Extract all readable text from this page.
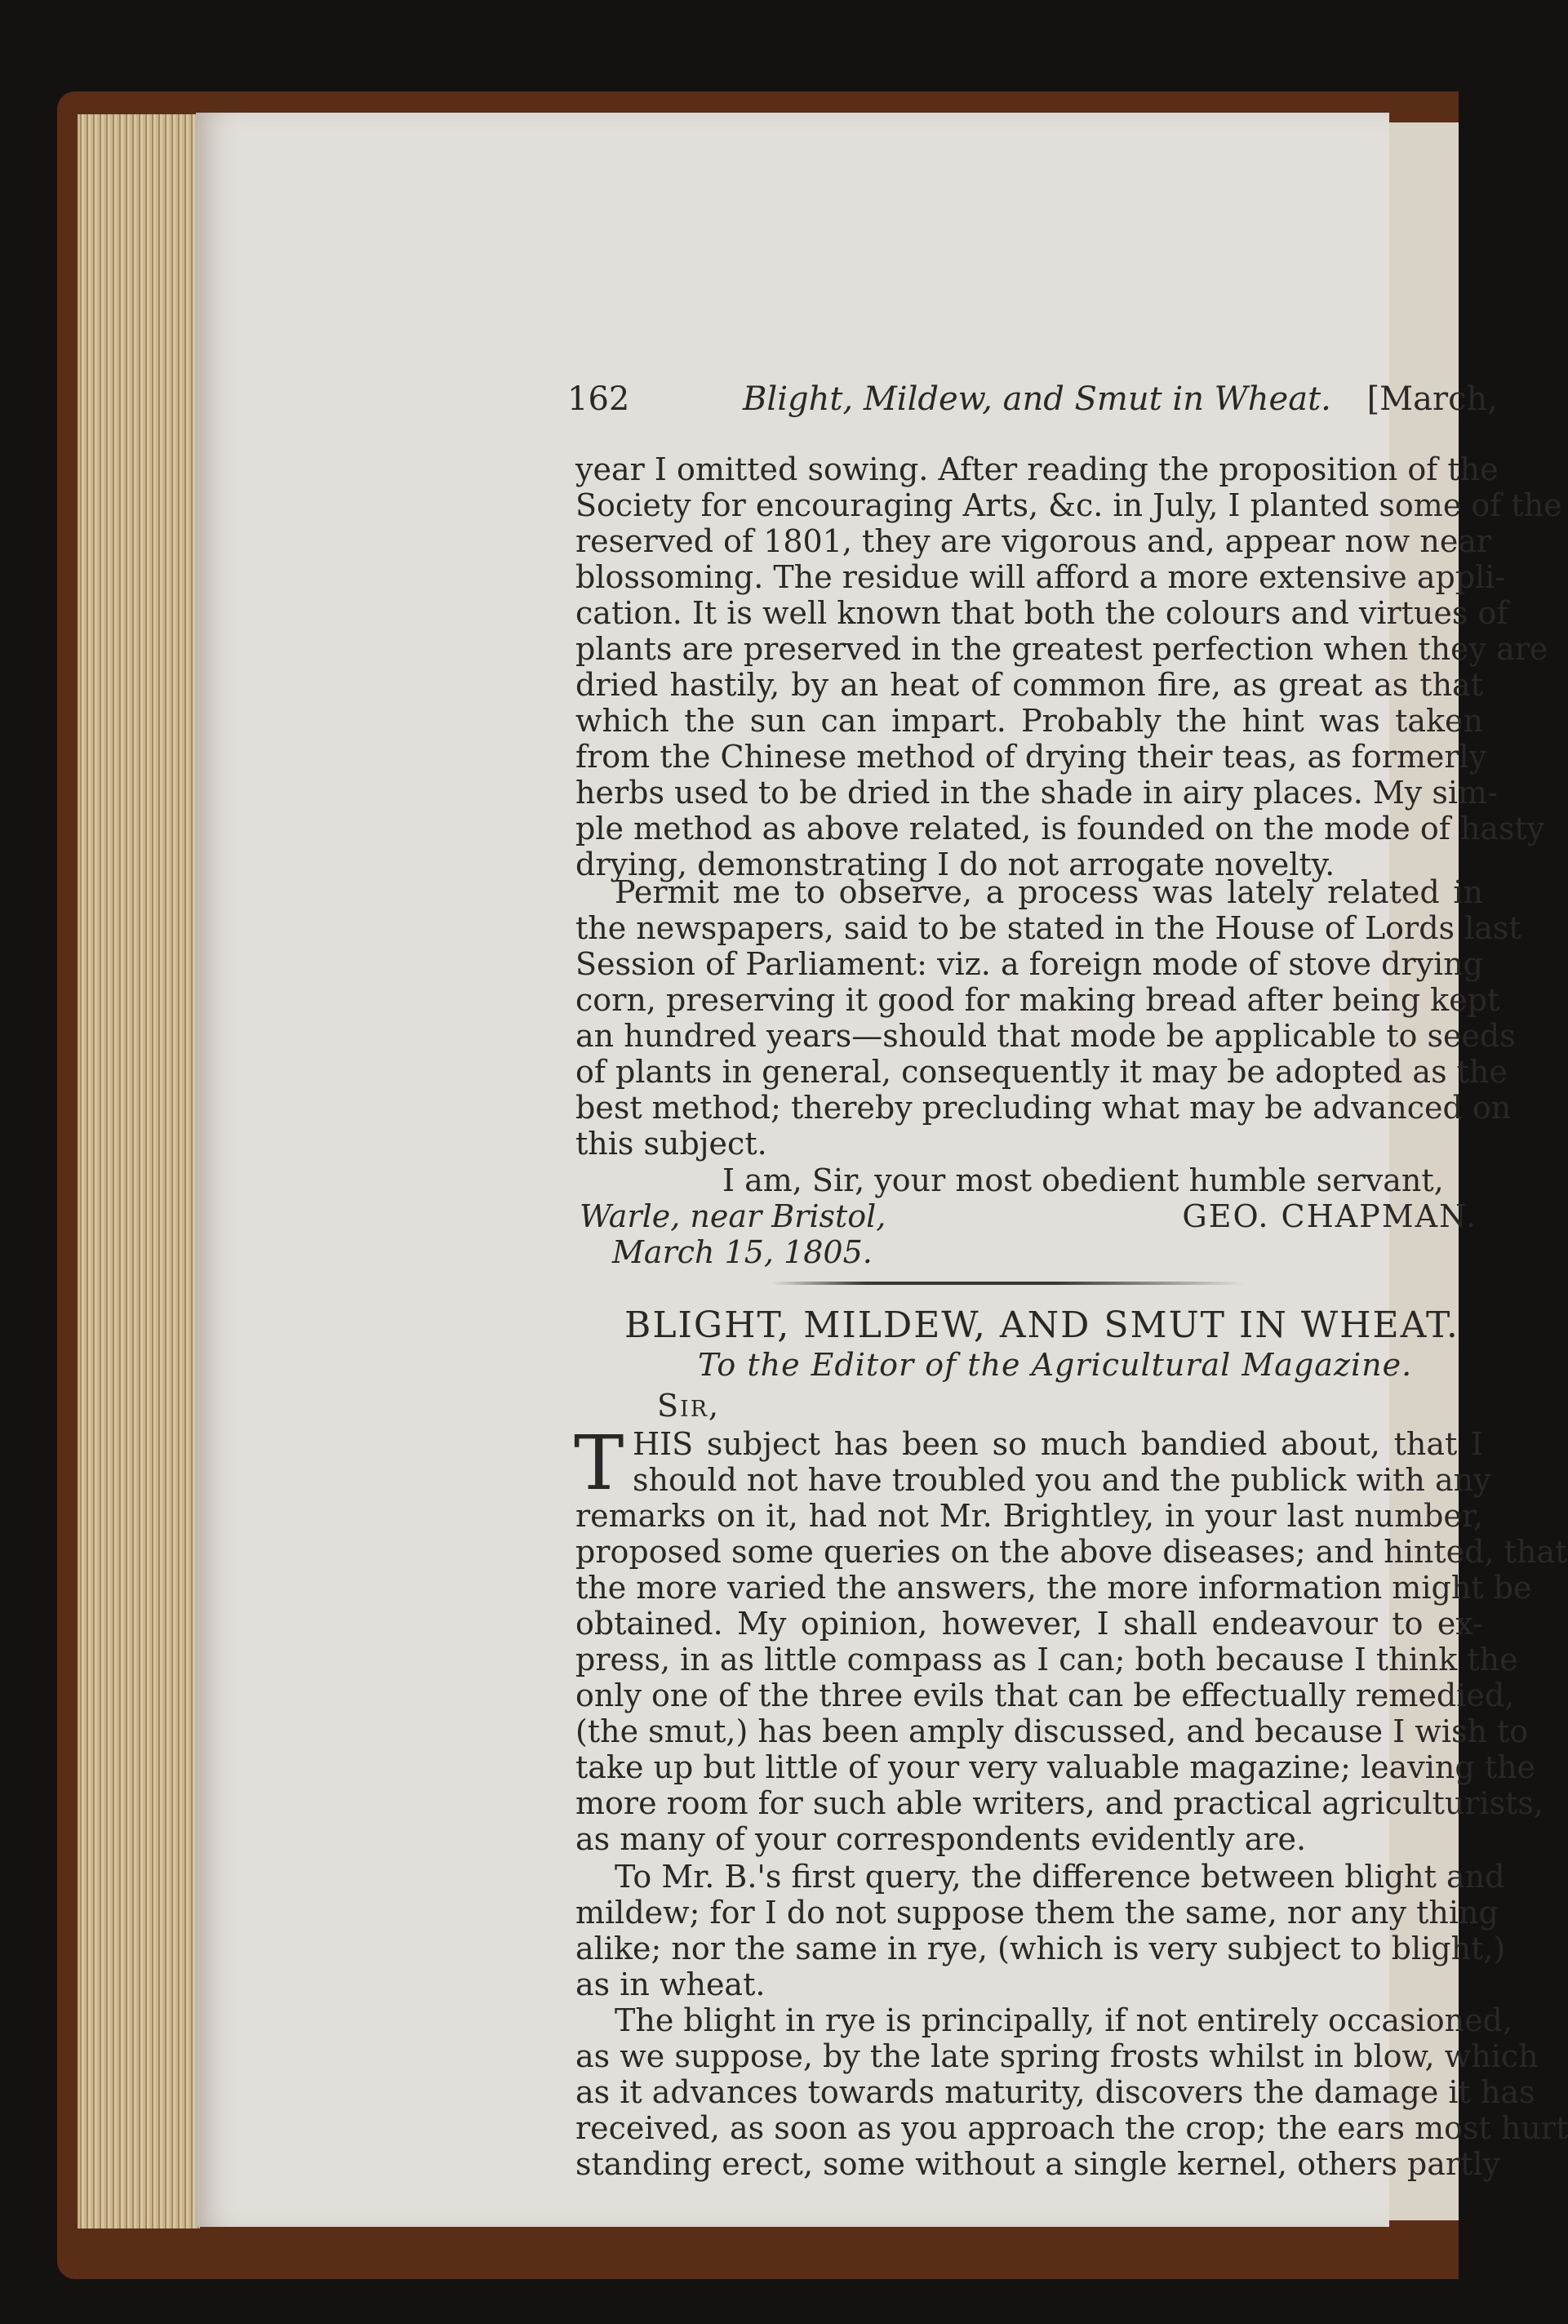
162	Blight, Mildew, and Smut in Wheat. [March,
year I omitted sowing. After reading the proposition of the
Society for encouraging Arts, &c. in July, I planted some of the
reserved of 1801, they are vigorous and, appear now near
blossoming. The residue will afford a more extensive appli-
cation. It is well known that both the colours and virtues of
plants are preserved in the greatest perfection when they are
dried hastily, by an heat of common fire, as great as that
which the sun can impart. Probably the hint was taken
from the Chinese method of drying their teas, as formerly
herbs used to be dried in the shade in airy places. My sim-
ple method as above related, is founded on the mode of hasty
drying, demonstrating I do not arrogate novelty.
Permit me to observe, a process was lately related in
the newspapers, said to be stated in the House of Lords last
Session of Parliament: viz. a foreign mode of stove drying
corn, preserving it good for making bread after being kept
an hundred years—should that mode be applicable to seeds
of plants in general, consequently it may be adopted as the
best method; thereby precluding what may be advanced on
this subject.
I am, Sir, your most obedient humble servant,
Warle, near Bristol,	GEO. CHAPMAN.
March 15, 1805.
BLIGHT, MILDEW, AND SMUT IN WHEAT.
To the Editor of the Agricultural Magazine.
Sir,
T HIS subject has been so much bandied about, that I
should not have troubled you and the publick with any
remarks on it, had not Mr. Brightley, in your last number,
proposed some queries on the above diseases; and hinted, that
the more varied the answers, the more information might be
obtained. My opinion, however, I shall endeavour to ex-
press, in as little compass as I can; both because I think the
only one of the three evils that can be effectually remedied,
(the smut,) has been amply discussed, and because I wish to
take up but little of your very valuable magazine; leaving the
more room for such able writers, and practical agriculturists,
as many of your correspondents evidently are.
To Mr. B.'s first query, the difference between blight and
mildew; for I do not suppose them the same, nor any thing
alike; nor the same in rye, (which is very subject to blight,)
as in wheat.
The blight in rye is principally, if not entirely occasioned,
as we suppose, by the late spring frosts whilst in blow, which
as it advances towards maturity, discovers the damage it has
received, as soon as you approach the crop; the ears most hurt
standing erect, some without a single kernel, others partly
